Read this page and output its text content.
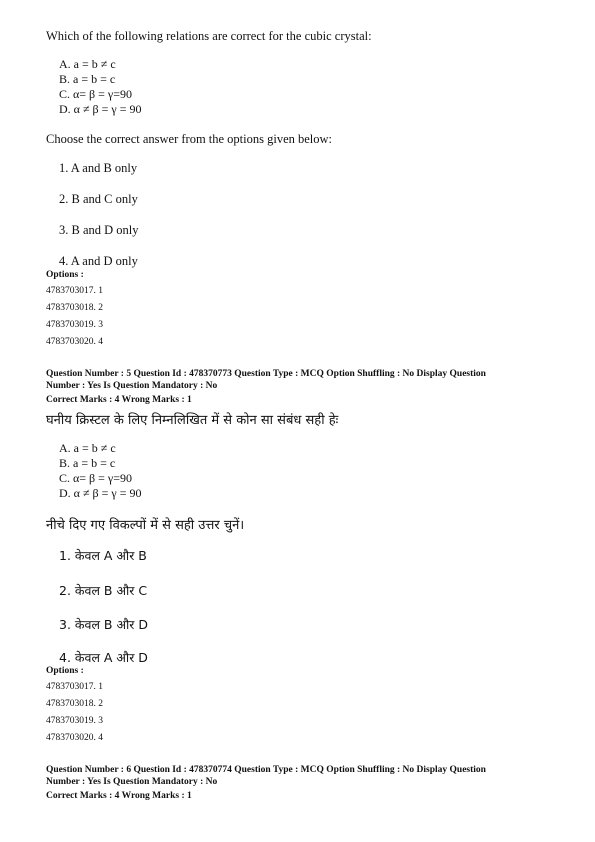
Which of the following relations are correct for the cubic crystal:
A. a = b ≠ c
B. a = b = c
C. α= β = γ=90
D. α ≠ β = γ = 90
Choose the correct answer from the options given below:
1. A and B only
2. B and C only
3. B and D only
4. A and D only
Options :
4783703017. 1
4783703018. 2
4783703019. 3
4783703020. 4
Question Number : 5 Question Id : 478370773 Question Type : MCQ Option Shuffling : No Display Question
Number : Yes Is Question Mandatory : No
Correct Marks : 4 Wrong Marks : 1
घनीय क्रिस्टल के लिए निम्नलिखित में से कोन सा संबंध सही हेः
A. a = b ≠ c
B. a = b = c
C. α= β = γ=90
D. α ≠ β = γ = 90
नीचे दिए गए विकल्पों में से सही उत्तर चुनें।
1. केवल A और B
2. केवल B और C
3. केवल B और D
4. केवल A और D
Options :
4783703017. 1
4783703018. 2
4783703019. 3
4783703020. 4
Question Number : 6 Question Id : 478370774 Question Type : MCQ Option Shuffling : No Display Question
Number : Yes Is Question Mandatory : No
Correct Marks : 4 Wrong Marks : 1
